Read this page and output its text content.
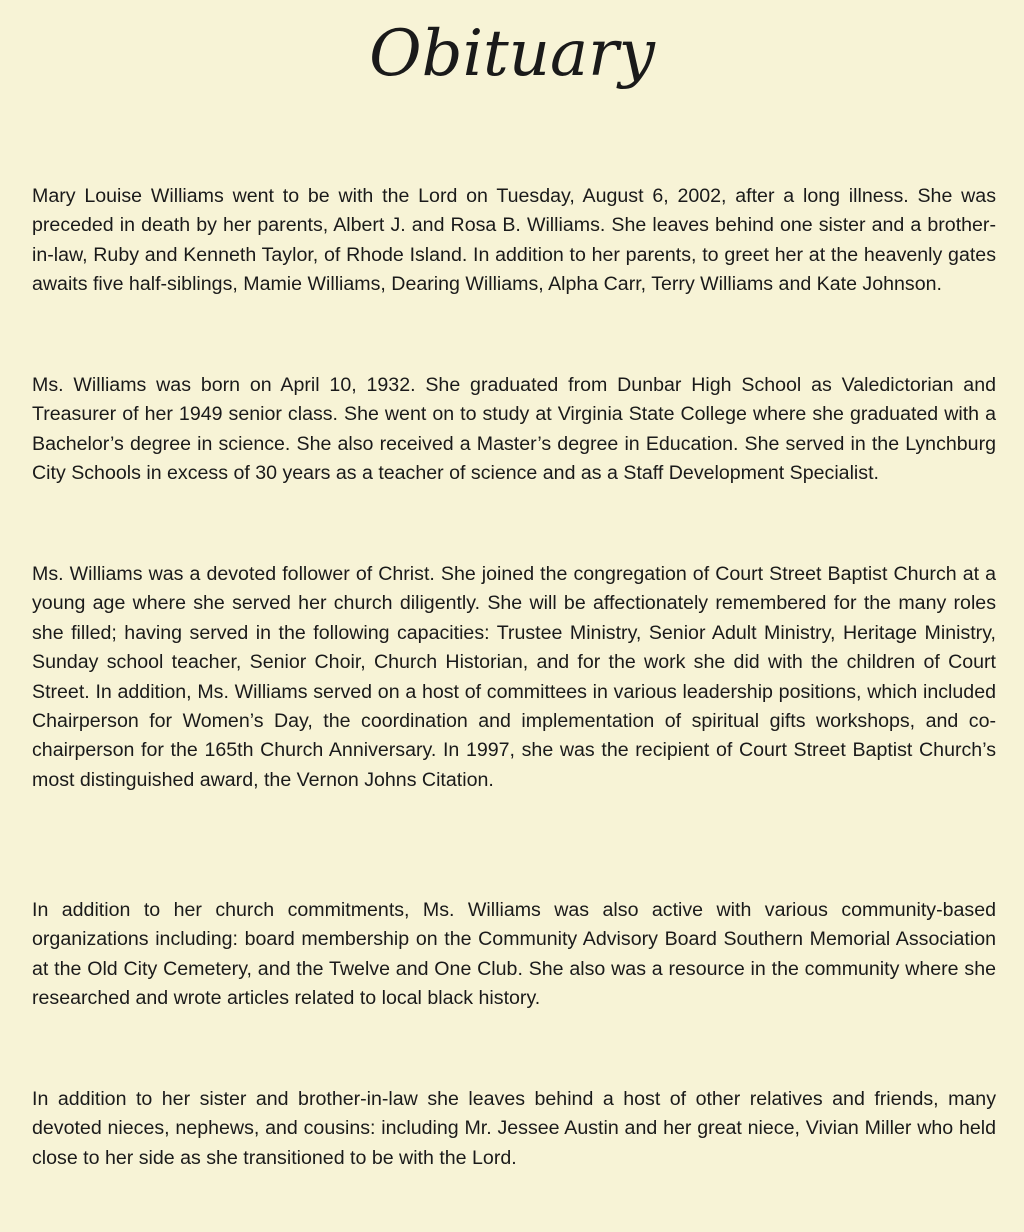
Obituary

Mary Louise Williams went to be with the Lord on Tuesday, August 6, 2002, after a long illness. She was preceded in death by her parents, Albert J. and Rosa B. Williams. She leaves behind one sister and a brother-in-law, Ruby and Kenneth Taylor, of Rhode Island. In addition to her parents, to greet her at the heavenly gates awaits five half-siblings, Mamie Williams, Dearing Williams, Alpha Carr, Terry Williams and Kate Johnson.

Ms. Williams was born on April 10, 1932. She graduated from Dunbar High School as Valedictorian and Treasurer of her 1949 senior class. She went on to study at Virginia State College where she graduated with a Bachelor’s degree in science. She also received a Master’s degree in Education. She served in the Lynchburg City Schools in excess of 30 years as a teacher of science and as a Staff Development Specialist.

Ms. Williams was a devoted follower of Christ. She joined the congregation of Court Street Baptist Church at a young age where she served her church diligently. She will be affectionately remembered for the many roles she filled; having served in the following capacities: Trustee Ministry, Senior Adult Ministry, Heritage Ministry, Sunday school teacher, Senior Choir, Church Historian, and for the work she did with the children of Court Street. In addition, Ms. Williams served on a host of committees in various leadership positions, which included Chairperson for Women’s Day, the coordination and implementation of spiritual gifts workshops, and co-chairperson for the 165th Church Anniversary. In 1997, she was the recipient of Court Street Baptist Church’s most distinguished award, the Vernon Johns Citation.

In addition to her church commitments, Ms. Williams was also active with various community-based organizations including: board membership on the Community Advisory Board Southern Memorial Association at the Old City Cemetery, and the Twelve and One Club. She also was a resource in the community where she researched and wrote articles related to local black history.

In addition to her sister and brother-in-law she leaves behind a host of other relatives and friends, many devoted nieces, nephews, and cousins: including Mr. Jessee Austin and her great niece, Vivian Miller who held close to her side as she transitioned to be with the Lord.
